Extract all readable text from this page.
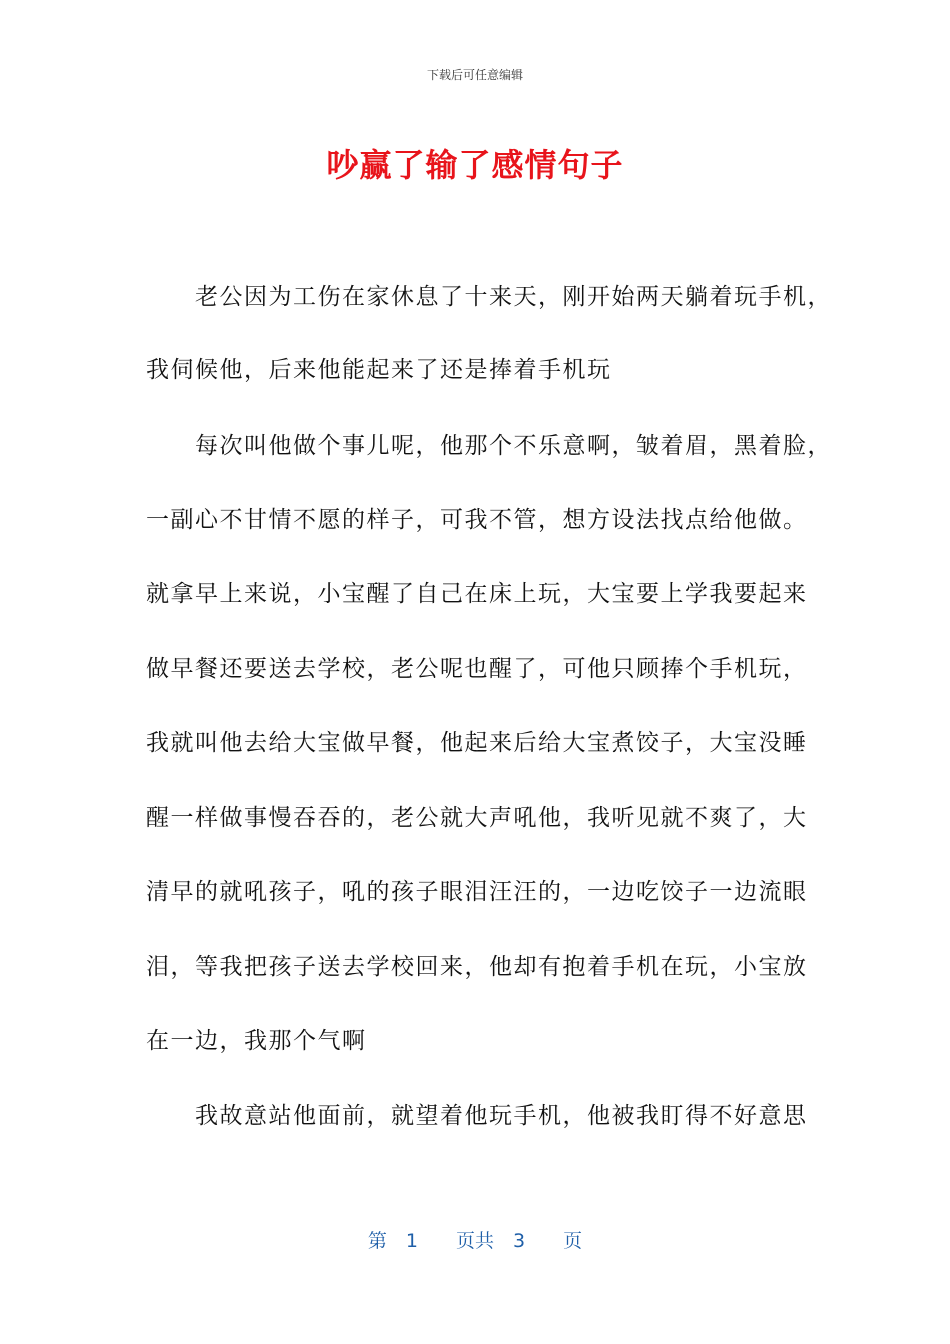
下载后可任意编辑
吵赢了输了感情句子
　　老公因为工伤在家休息了十来天，刚开始两天躺着玩手机，
我伺候他，后来他能起来了还是捧着手机玩
　　每次叫他做个事儿呢，他那个不乐意啊，皱着眉，黑着脸，
一副心不甘情不愿的样子，可我不管，想方设法找点给他做。
就拿早上来说，小宝醒了自己在床上玩，大宝要上学我要起来
做早餐还要送去学校，老公呢也醒了，可他只顾捧个手机玩，
我就叫他去给大宝做早餐，他起来后给大宝煮饺子，大宝没睡
醒一样做事慢吞吞的，老公就大声吼他，我听见就不爽了，大
清早的就吼孩子，吼的孩子眼泪汪汪的，一边吃饺子一边流眼
泪，等我把孩子送去学校回来，他却有抱着手机在玩，小宝放
在一边，我那个气啊
　　我故意站他面前，就望着他玩手机，他被我盯得不好意思
第　1　　页共　3　　页
